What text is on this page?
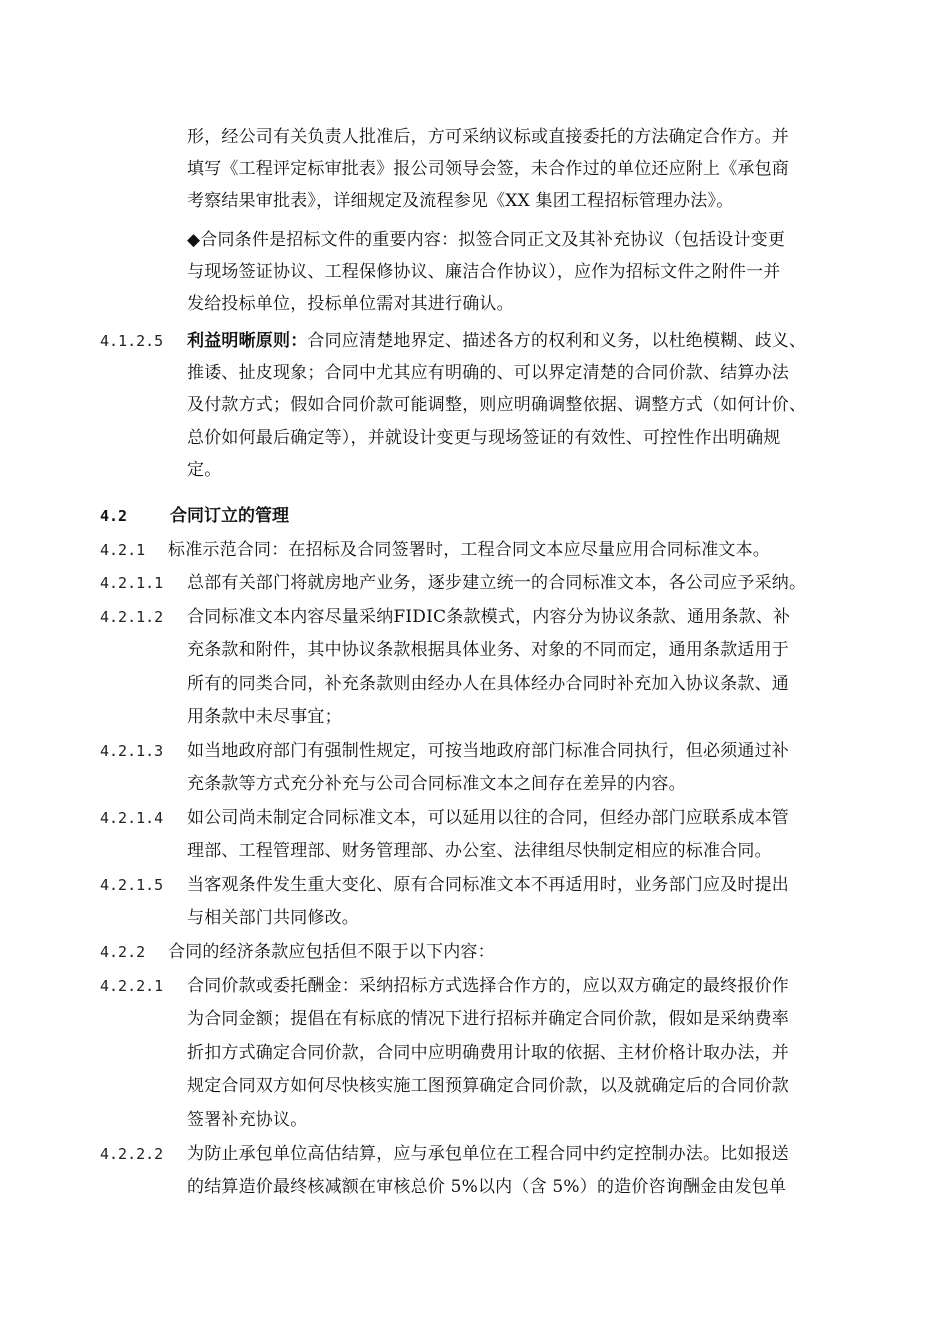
形，经公司有关负责人批准后，方可采纳议标或直接委托的方法确定合作方。并
填写《工程评定标审批表》报公司领导会签，未合作过的单位还应附上《承包商
考察结果审批表》，详细规定及流程参见《XX 集团工程招标管理办法》。
◆合同条件是招标文件的重要内容：拟签合同正文及其补充协议（包括设计变更
与现场签证协议、工程保修协议、廉洁合作协议），应作为招标文件之附件一并
发给投标单位，投标单位需对其进行确认。
4.1.2.5 利益明晰原则：合同应清楚地界定、描述各方的权利和义务，以杜绝模糊、歧义、
推诿、扯皮现象；合同中尤其应有明确的、可以界定清楚的合同价款、结算办法
及付款方式；假如合同价款可能调整，则应明确调整依据、调整方式（如何计价、
总价如何最后确定等），并就设计变更与现场签证的有效性、可控性作出明确规
定。
4.2	合同订立的管理
4.2.1 标准示范合同：在招标及合同签署时，工程合同文本应尽量应用合同标准文本。
4.2.1.1 总部有关部门将就房地产业务，逐步建立统一的合同标准文本，各公司应予采纳。
4.2.1.2 合同标准文本内容尽量采纳FIDIC条款模式，内容分为协议条款、通用条款、补
充条款和附件，其中协议条款根据具体业务、对象的不同而定，通用条款适用于
所有的同类合同，补充条款则由经办人在具体经办合同时补充加入协议条款、通
用条款中未尽事宜；
4.2.1.3 如当地政府部门有强制性规定，可按当地政府部门标准合同执行，但必须通过补
充条款等方式充分补充与公司合同标准文本之间存在差异的内容。
4.2.1.4 如公司尚未制定合同标准文本，可以延用以往的合同，但经办部门应联系成本管
理部、工程管理部、财务管理部、办公室、法律组尽快制定相应的标准合同。
4.2.1.5 当客观条件发生重大变化、原有合同标准文本不再适用时，业务部门应及时提出
与相关部门共同修改。
4.2.2 合同的经济条款应包括但不限于以下内容：
4.2.2.1 合同价款或委托酬金：采纳招标方式选择合作方的，应以双方确定的最终报价作
为合同金额；提倡在有标底的情况下进行招标并确定合同价款，假如是采纳费率
折扣方式确定合同价款，合同中应明确费用计取的依据、主材价格计取办法，并
规定合同双方如何尽快核实施工图预算确定合同价款，以及就确定后的合同价款
签署补充协议。
4.2.2.2 为防止承包单位高估结算，应与承包单位在工程合同中约定控制办法。比如报送
的结算造价最终核减额在审核总价 5%以内（含 5%）的造价咨询酬金由发包单
